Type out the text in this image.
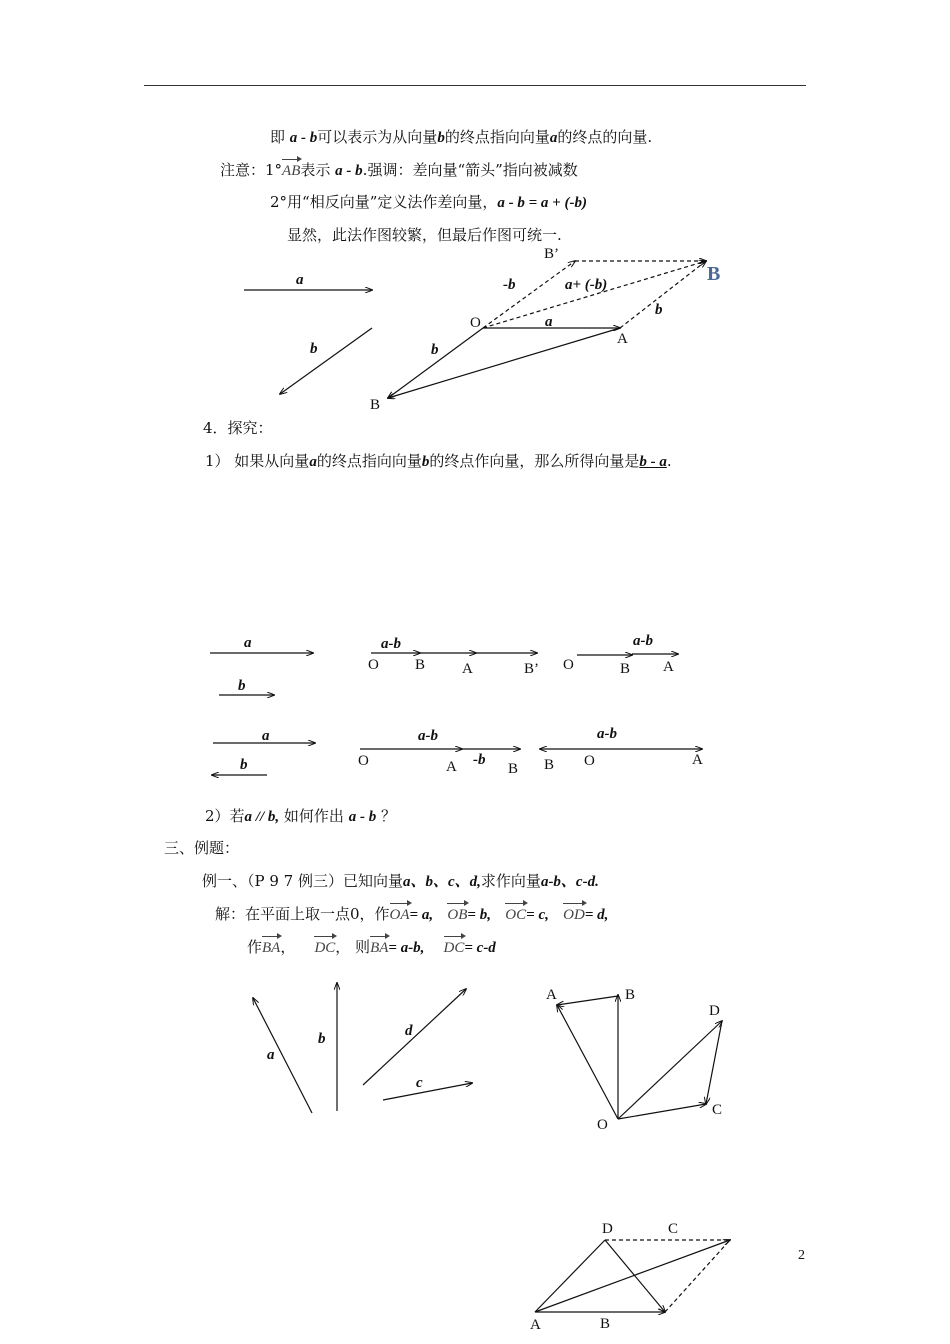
即 a - b可以表示为从向量b的终点指向向量a的终点的向量.
注意：1°AB表示 a - b.强调：差向量“箭头”指向被减数
2°用“相反向量”定义法作差向量，a - b = a + (-b)
显然，此法作图较繁，但最后作图可统一.
4．探究：
1） 如果从向量a的终点指向向量b的终点作向量，那么所得向量是b - a.
2）若a // b, 如何作出 a - b ？
三、例题：
例一、（P 9 7 例三）已知向量a、b、c、d,求作向量a-b、c-d.
解：在平面上取一点0，作OA= a, OB= b, OC= c, OD= d,
作BA， DC， 则BA= a-b, DC= c-d
a
b
-b	a+ (-b)
a
b
b
O
A
B
B’
B
a
b
a-b
O B A	B’
a-b
O	B A
a
b
a-b
O	A -b
B
a-b
B O	A
a
b	d
c
A	B
D
C
O
D	C
A	B
2
